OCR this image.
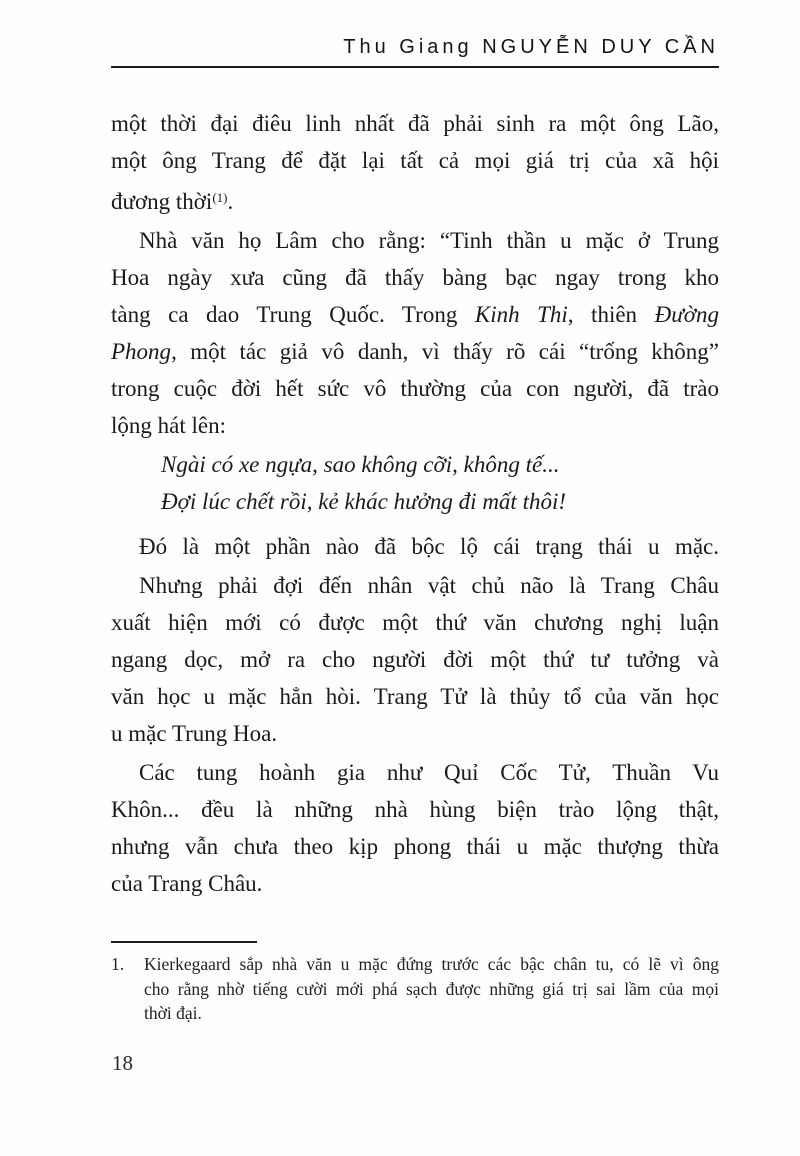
Thu Giang NGUYỄN DUY CẦN
một thời đại điêu linh nhất đã phải sinh ra một ông Lão,
một ông Trang để đặt lại tất cả mọi giá trị của xã hội
đương thời$^{(1)}$.
Nhà văn họ Lâm cho rằng: “Tinh thần u mặc ở Trung
Hoa ngày xưa cũng đã thấy bàng bạc ngay trong kho
tàng ca dao Trung Quốc. Trong Kinh Thi, thiên Đường
Phong, một tác giả vô danh, vì thấy rõ cái “trống không”
trong cuộc đời hết sức vô thường của con người, đã trào
lộng hát lên:
Ngài có xe ngựa, sao không cỡi, không tế...
Đợi lúc chết rồi, kẻ khác hưởng đi mất thôi!
Đó là một phần nào đã bộc lộ cái trạng thái u mặc.
Nhưng phải đợi đến nhân vật chủ não là Trang Châu
xuất hiện mới có được một thứ văn chương nghị luận
ngang dọc, mở ra cho người đời một thứ tư tưởng và
văn học u mặc hẳn hòi. Trang Tử là thủy tổ của văn học
u mặc Trung Hoa.
Các tung hoành gia như Quỉ Cốc Tử, Thuần Vu
Khôn... đều là những nhà hùng biện trào lộng thật,
nhưng vẫn chưa theo kịp phong thái u mặc thượng thừa
của Trang Châu.
1.	Kierkegaard sắp nhà văn u mặc đứng trước các bậc chân tu, có lẽ vì ông
cho rằng nhờ tiếng cười mới phá sạch được những giá trị sai lầm của mọi
thời đại.
18
